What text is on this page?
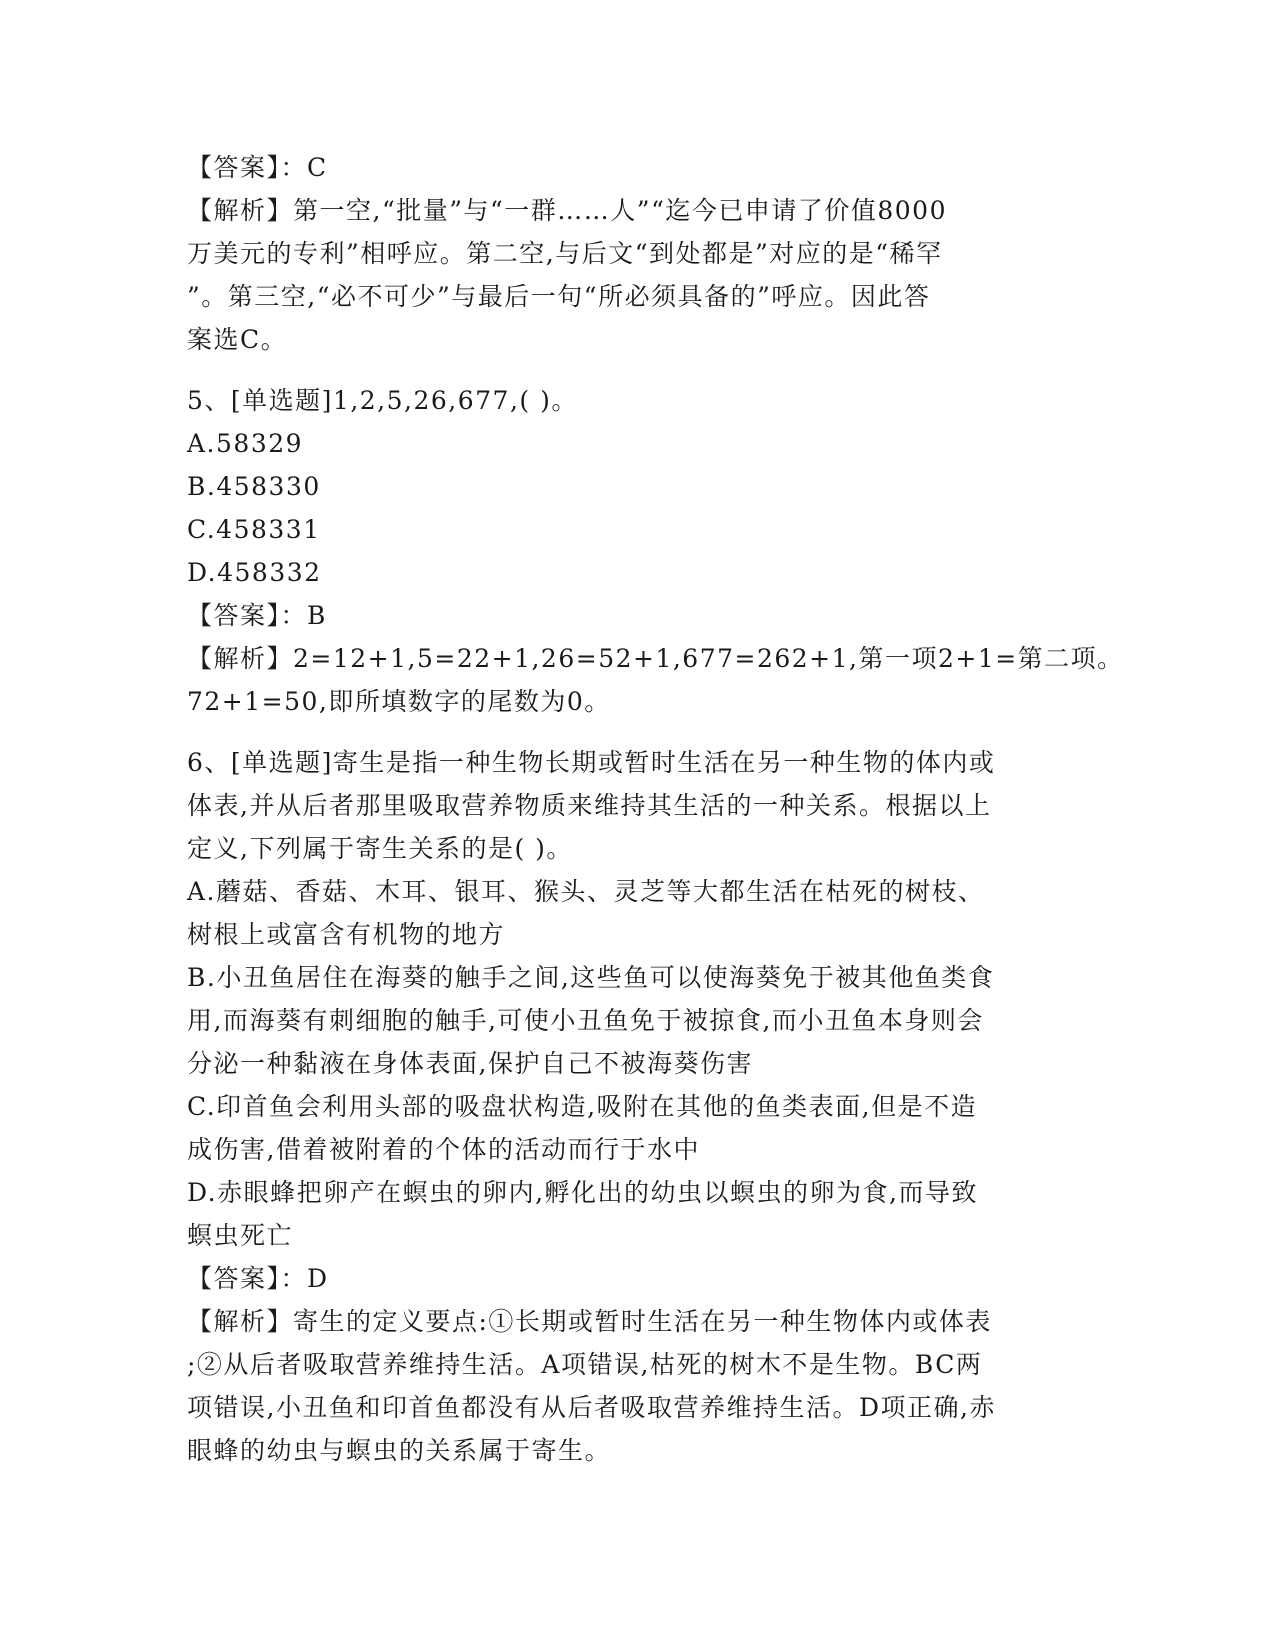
【答案】：C
【解析】第一空,“批量”与“一群……人”“迄今已申请了价值8000
万美元的专利”相呼应。第二空,与后文“到处都是”对应的是“稀罕
”。第三空,“必不可少”与最后一句“所必须具备的”呼应。因此答
案选C。
5、[单选题]1,2,5,26,677,( )。
A.58329
B.458330
C.458331
D.458332
【答案】：B
【解析】2=12+1,5=22+1,26=52+1,677=262+1,第一项2+1=第二项。
72+1=50,即所填数字的尾数为0。
6、[单选题]寄生是指一种生物长期或暂时生活在另一种生物的体内或
体表,并从后者那里吸取营养物质来维持其生活的一种关系。根据以上
定义,下列属于寄生关系的是( )。
A.蘑菇、香菇、木耳、银耳、猴头、灵芝等大都生活在枯死的树枝、
树根上或富含有机物的地方
B.小丑鱼居住在海葵的触手之间,这些鱼可以使海葵免于被其他鱼类食
用,而海葵有刺细胞的触手,可使小丑鱼免于被掠食,而小丑鱼本身则会
分泌一种黏液在身体表面,保护自己不被海葵伤害
C.印首鱼会利用头部的吸盘状构造,吸附在其他的鱼类表面,但是不造
成伤害,借着被附着的个体的活动而行于水中
D.赤眼蜂把卵产在螟虫的卵内,孵化出的幼虫以螟虫的卵为食,而导致
螟虫死亡
【答案】：D
【解析】寄生的定义要点:①长期或暂时生活在另一种生物体内或体表
;②从后者吸取营养维持生活。A项错误,枯死的树木不是生物。BC两
项错误,小丑鱼和印首鱼都没有从后者吸取营养维持生活。D项正确,赤
眼蜂的幼虫与螟虫的关系属于寄生。
